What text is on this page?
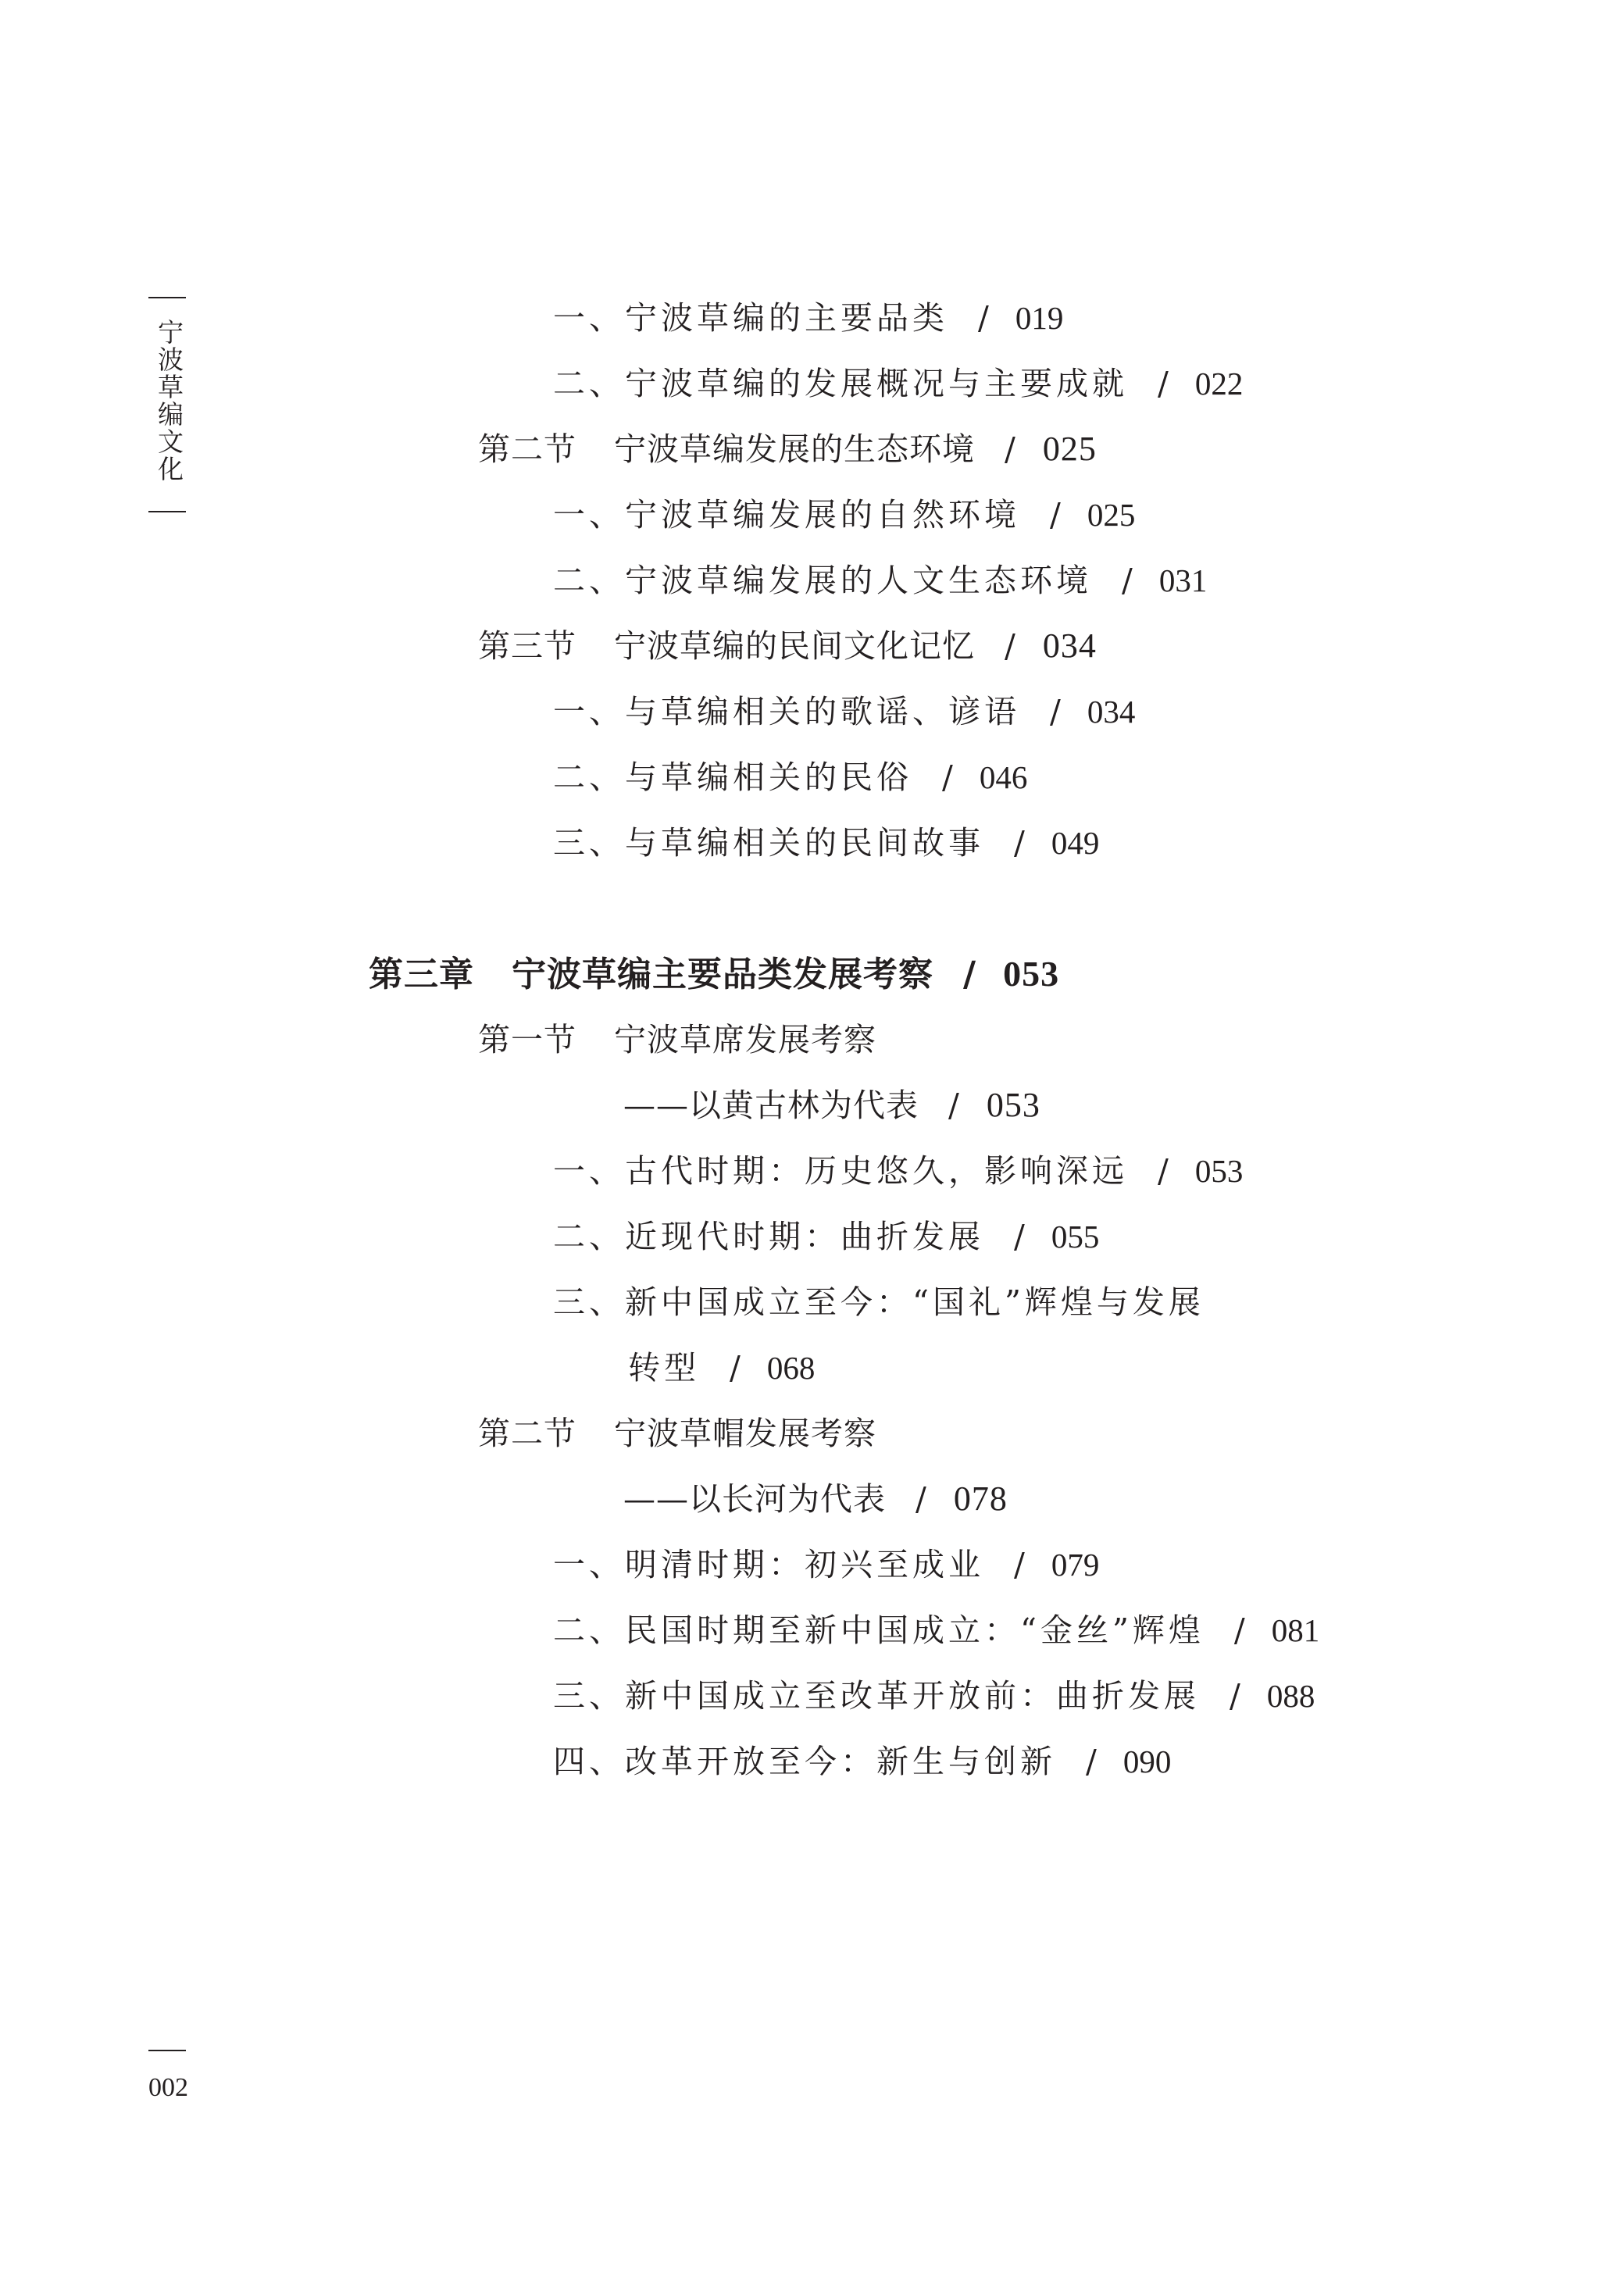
宁波草编文化
002
一、宁波草编的主要品类 / 019
二、宁波草编的发展概况与主要成就 / 022
第二节 宁波草编发展的生态环境 / 025
一、宁波草编发展的自然环境 / 025
二、宁波草编发展的人文生态环境 / 031
第三节 宁波草编的民间文化记忆 / 034
一、与草编相关的歌谣、谚语 / 034
二、与草编相关的民俗 / 046
三、与草编相关的民间故事 / 049
第三章 宁波草编主要品类发展考察 / 053
第一节 宁波草席发展考察
——以黄古林为代表 / 053
一、古代时期：历史悠久，影响深远 / 053
二、近现代时期：曲折发展 / 055
三、新中国成立至今：“国礼”辉煌与发展
转型 / 068
第二节 宁波草帽发展考察
——以长河为代表 / 078
一、明清时期：初兴至成业 / 079
二、民国时期至新中国成立：“金丝”辉煌 / 081
三、新中国成立至改革开放前：曲折发展 / 088
四、改革开放至今：新生与创新 / 090
